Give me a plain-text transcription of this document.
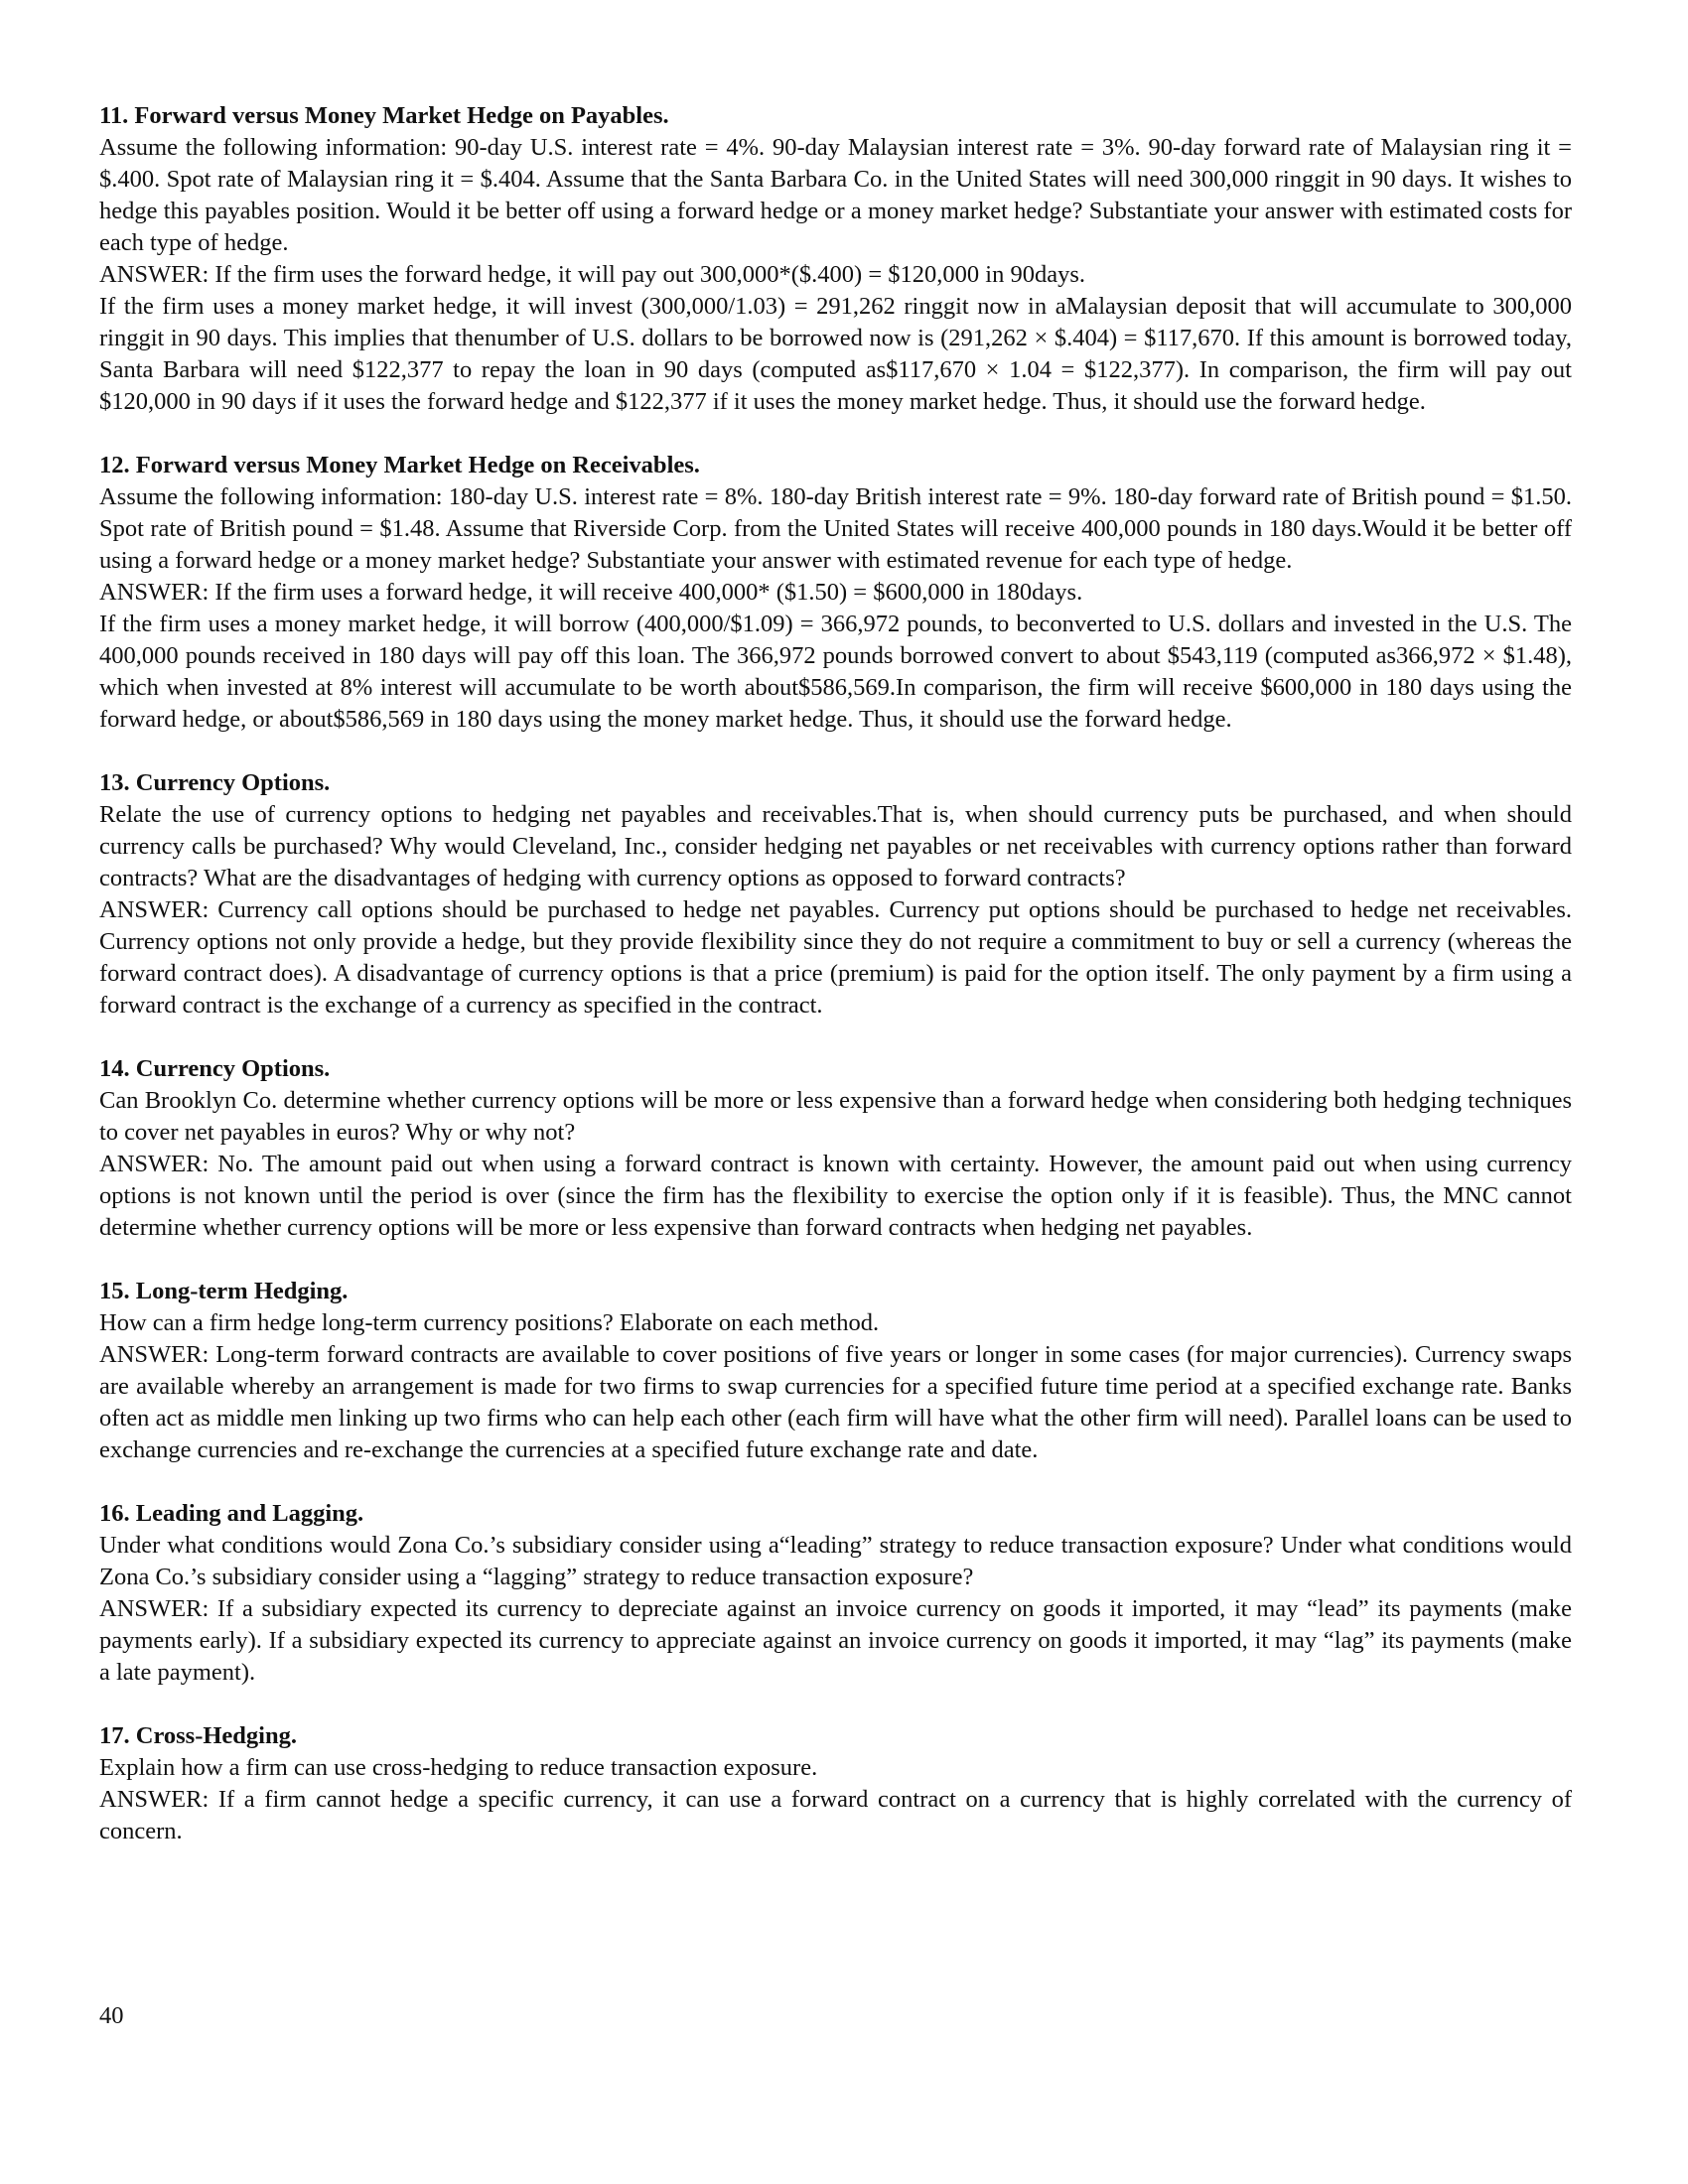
11. Forward versus Money Market Hedge on Payables.

Assume the following information: 90-day U.S. interest rate = 4%. 90-day Malaysian interest rate = 3%. 90-day forward rate of Malaysian ring it = $.400. Spot rate of Malaysian ring it = $.404. Assume that the Santa Barbara Co. in the United States will need 300,000 ringgit in 90 days. It wishes to hedge this payables position. Would it be better off using a forward hedge or a money market hedge? Substantiate your answer with estimated costs for each type of hedge.

ANSWER: If the firm uses the forward hedge, it will pay out 300,000*($.400) = $120,000 in 90days.

If the firm uses a money market hedge, it will invest (300,000/1.03) = 291,262 ringgit now in aMalaysian deposit that will accumulate to 300,000 ringgit in 90 days. This implies that thenumber of U.S. dollars to be borrowed now is (291,262 × $.404) = $117,670. If this amount is borrowed today, Santa Barbara will need $122,377 to repay the loan in 90 days (computed as$117,670 × 1.04 = $122,377). In comparison, the firm will pay out $120,000 in 90 days if it uses the forward hedge and $122,377 if it uses the money market hedge. Thus, it should use the forward hedge.

12. Forward versus Money Market Hedge on Receivables.

Assume the following information: 180-day U.S. interest rate = 8%. 180-day British interest rate = 9%. 180-day forward rate of British pound = $1.50. Spot rate of British pound = $1.48. Assume that Riverside Corp. from the United States will receive 400,000 pounds in 180 days.Would it be better off using a forward hedge or a money market hedge? Substantiate your answer with estimated revenue for each type of hedge.

ANSWER: If the firm uses a forward hedge, it will receive 400,000* ($1.50) = $600,000 in 180days.

If the firm uses a money market hedge, it will borrow (400,000/$1.09) = 366,972 pounds, to beconverted to U.S. dollars and invested in the U.S. The 400,000 pounds received in 180 days will pay off this loan. The 366,972 pounds borrowed convert to about $543,119 (computed as366,972 × $1.48), which when invested at 8% interest will accumulate to be worth about$586,569.In comparison, the firm will receive $600,000 in 180 days using the forward hedge, or about$586,569 in 180 days using the money market hedge. Thus, it should use the forward hedge.

13. Currency Options.

Relate the use of currency options to hedging net payables and receivables.That is, when should currency puts be purchased, and when should currency calls be purchased? Why would Cleveland, Inc., consider hedging net payables or net receivables with currency options rather than forward contracts? What are the disadvantages of hedging with currency options as opposed to forward contracts?

ANSWER: Currency call options should be purchased to hedge net payables. Currency put options should be purchased to hedge net receivables. Currency options not only provide a hedge, but they provide flexibility since they do not require a commitment to buy or sell a currency (whereas the forward contract does). A disadvantage of currency options is that a price (premium) is paid for the option itself. The only payment by a firm using a forward contract is the exchange of a currency as specified in the contract.

14. Currency Options.

Can Brooklyn Co. determine whether currency options will be more or less expensive than a forward hedge when considering both hedging techniques to cover net payables in euros? Why or why not?

ANSWER: No. The amount paid out when using a forward contract is known with certainty. However, the amount paid out when using currency options is not known until the period is over (since the firm has the flexibility to exercise the option only if it is feasible). Thus, the MNC cannot determine whether currency options will be more or less expensive than forward contracts when hedging net payables.

15. Long-term Hedging.

How can a firm hedge long-term currency positions? Elaborate on each method.

ANSWER: Long-term forward contracts are available to cover positions of five years or longer in some cases (for major currencies). Currency swaps are available whereby an arrangement is made for two firms to swap currencies for a specified future time period at a specified exchange rate. Banks often act as middle men linking up two firms who can help each other (each firm will have what the other firm will need). Parallel loans can be used to exchange currencies and re-exchange the currencies at a specified future exchange rate and date.

16. Leading and Lagging.

Under what conditions would Zona Co.’s subsidiary consider using a“leading” strategy to reduce transaction exposure? Under what conditions would Zona Co.’s subsidiary consider using a “lagging” strategy to reduce transaction exposure?

ANSWER: If a subsidiary expected its currency to depreciate against an invoice currency on goods it imported, it may “lead” its payments (make payments early). If a subsidiary expected its currency to appreciate against an invoice currency on goods it imported, it may “lag” its payments (make a late payment).

17. Cross-Hedging.

Explain how a firm can use cross-hedging to reduce transaction exposure.

ANSWER: If a firm cannot hedge a specific currency, it can use a forward contract on a currency that is highly correlated with the currency of concern.

40
